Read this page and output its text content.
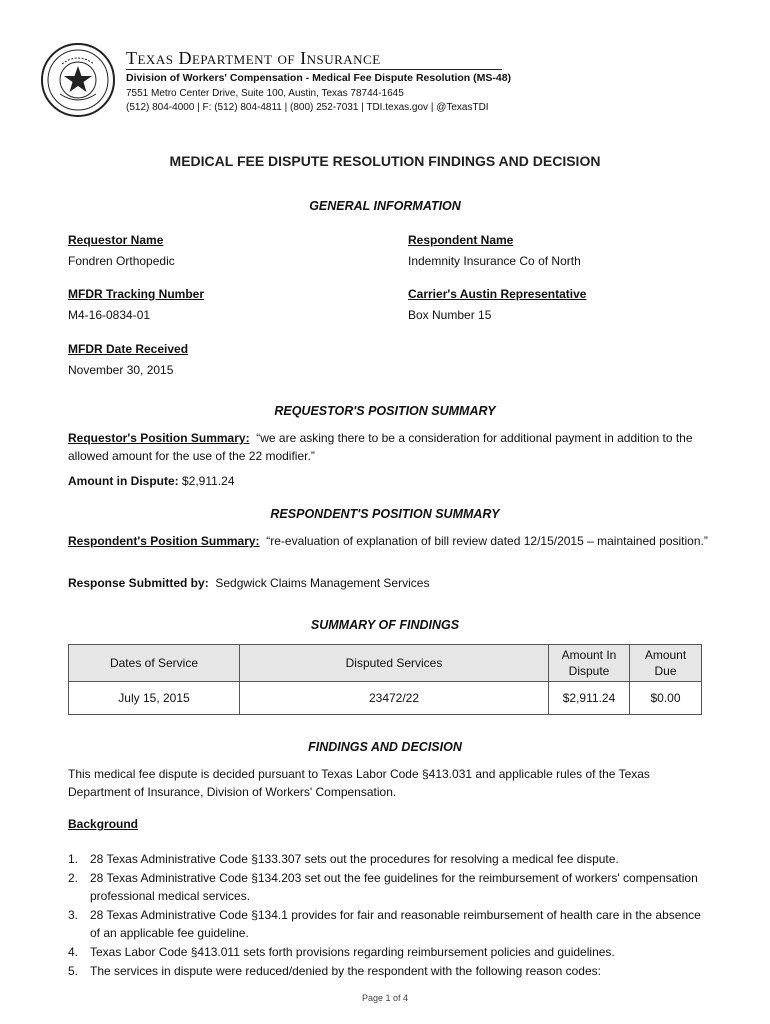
Texas Department of Insurance
Division of Workers' Compensation - Medical Fee Dispute Resolution (MS-48)
7551 Metro Center Drive, Suite 100, Austin, Texas 78744-1645
(512) 804-4000 | F: (512) 804-4811 | (800) 252-7031 | TDI.texas.gov | @TexasTDI
MEDICAL FEE DISPUTE RESOLUTION FINDINGS AND DECISION
GENERAL INFORMATION
Requestor Name
Fondren Orthopedic
Respondent Name
Indemnity Insurance Co of North
MFDR Tracking Number
M4-16-0834-01
Carrier's Austin Representative
Box Number 15
MFDR Date Received
November 30, 2015
REQUESTOR'S POSITION SUMMARY
Requestor's Position Summary: “we are asking there to be a consideration for additional payment in addition to the allowed amount for the use of the 22 modifier.”
Amount in Dispute: $2,911.24
RESPONDENT'S POSITION SUMMARY
Respondent's Position Summary: “re-evaluation of explanation of bill review dated 12/15/2015 – maintained position.”
Response Submitted by: Sedgwick Claims Management Services
SUMMARY OF FINDINGS
Dates of Service	Disputed Services	Amount In Dispute	Amount Due
July 15, 2015	23472/22	$2,911.24	$0.00
FINDINGS AND DECISION
This medical fee dispute is decided pursuant to Texas Labor Code §413.031 and applicable rules of the Texas Department of Insurance, Division of Workers' Compensation.
Background
1. 28 Texas Administrative Code §133.307 sets out the procedures for resolving a medical fee dispute.
2. 28 Texas Administrative Code §134.203 set out the fee guidelines for the reimbursement of workers' compensation professional medical services.
3. 28 Texas Administrative Code §134.1 provides for fair and reasonable reimbursement of health care in the absence of an applicable fee guideline.
4. Texas Labor Code §413.011 sets forth provisions regarding reimbursement policies and guidelines.
5. The services in dispute were reduced/denied by the respondent with the following reason codes:
Page 1 of 4
